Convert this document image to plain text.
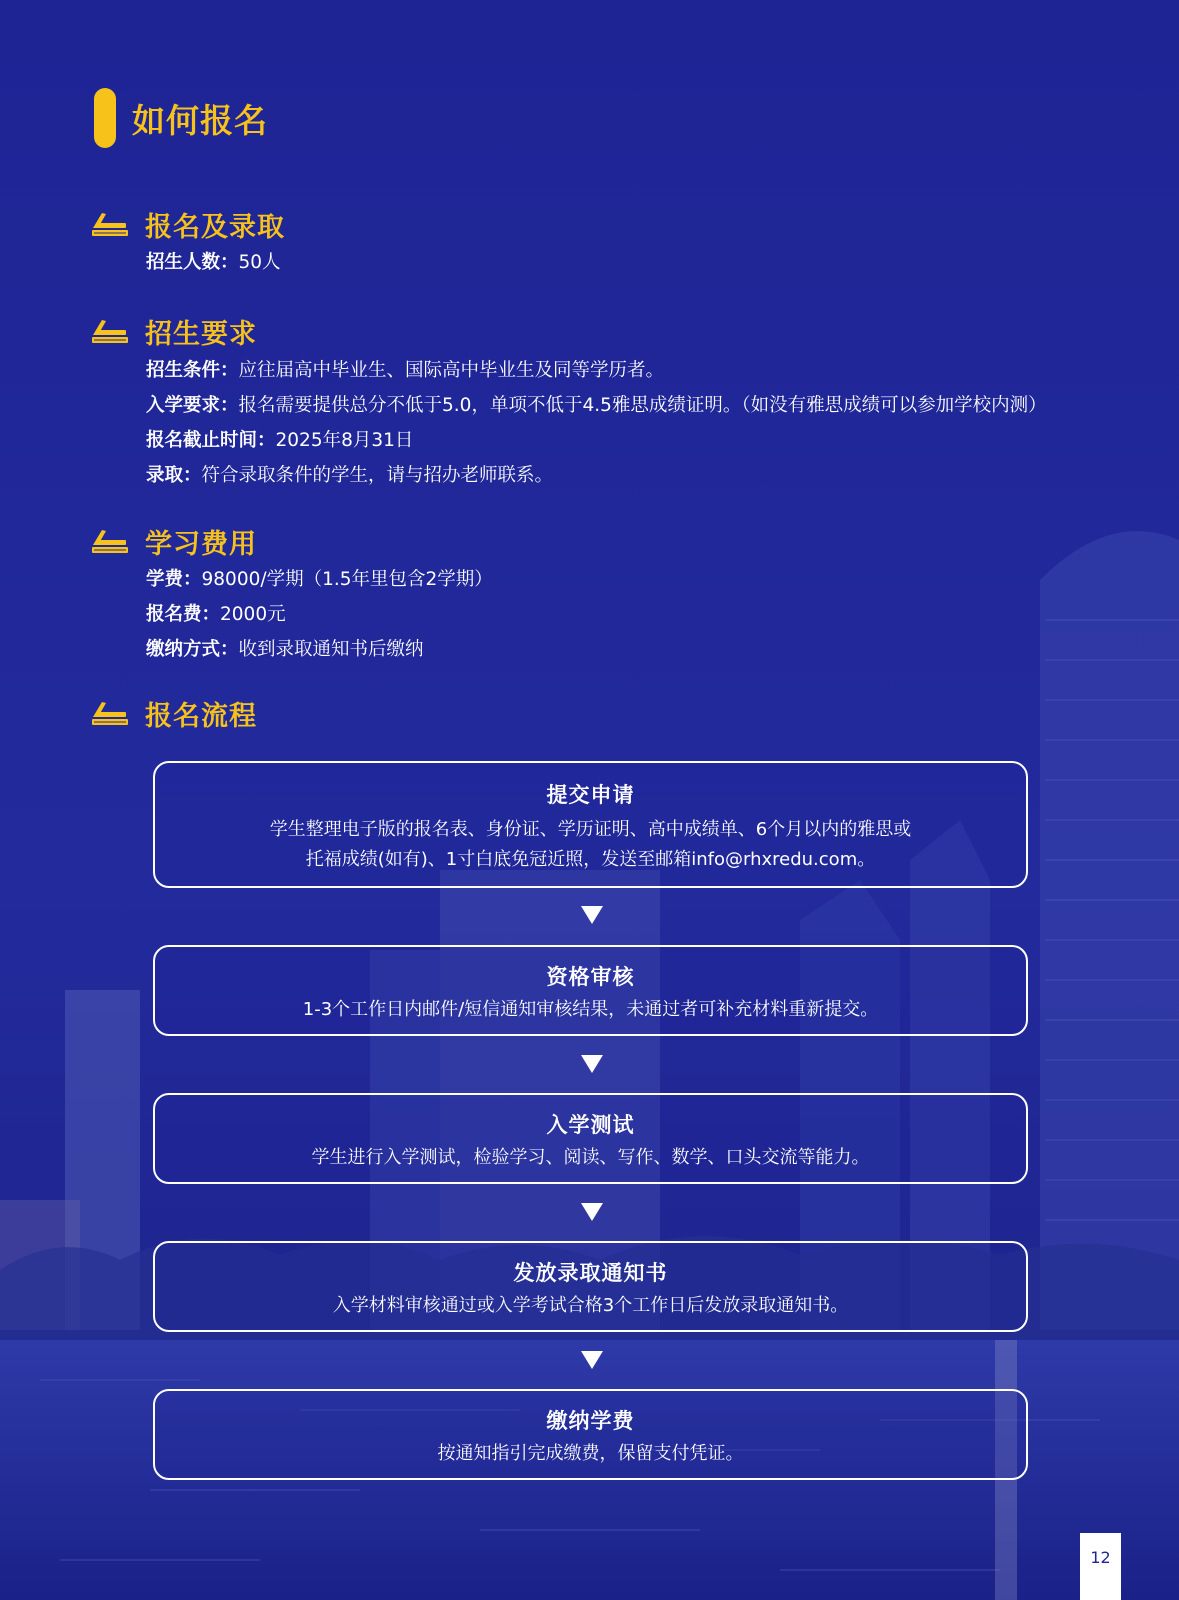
如何报名
报名及录取
招生人数：50人
招生要求
招生条件：应往届高中毕业生、国际高中毕业生及同等学历者。
入学要求：报名需要提供总分不低于5.0，单项不低于4.5雅思成绩证明。（如没有雅思成绩可以参加学校内测）
报名截止时间：2025年8月31日
录取：符合录取条件的学生，请与招办老师联系。
学习费用
学费：98000/学期（1.5年里包含2学期）
报名费：2000元
缴纳方式：收到录取通知书后缴纳
报名流程
提交申请
学生整理电子版的报名表、身份证、学历证明、高中成绩单、6个月以内的雅思或
托福成绩(如有)、1寸白底免冠近照，发送至邮箱info@rhxredu.com。
资格审核
1-3个工作日内邮件/短信通知审核结果，未通过者可补充材料重新提交。
入学测试
学生进行入学测试，检验学习、阅读、写作、数学、口头交流等能力。
发放录取通知书
入学材料审核通过或入学考试合格3个工作日后发放录取通知书。
缴纳学费
按通知指引完成缴费，保留支付凭证。
12
